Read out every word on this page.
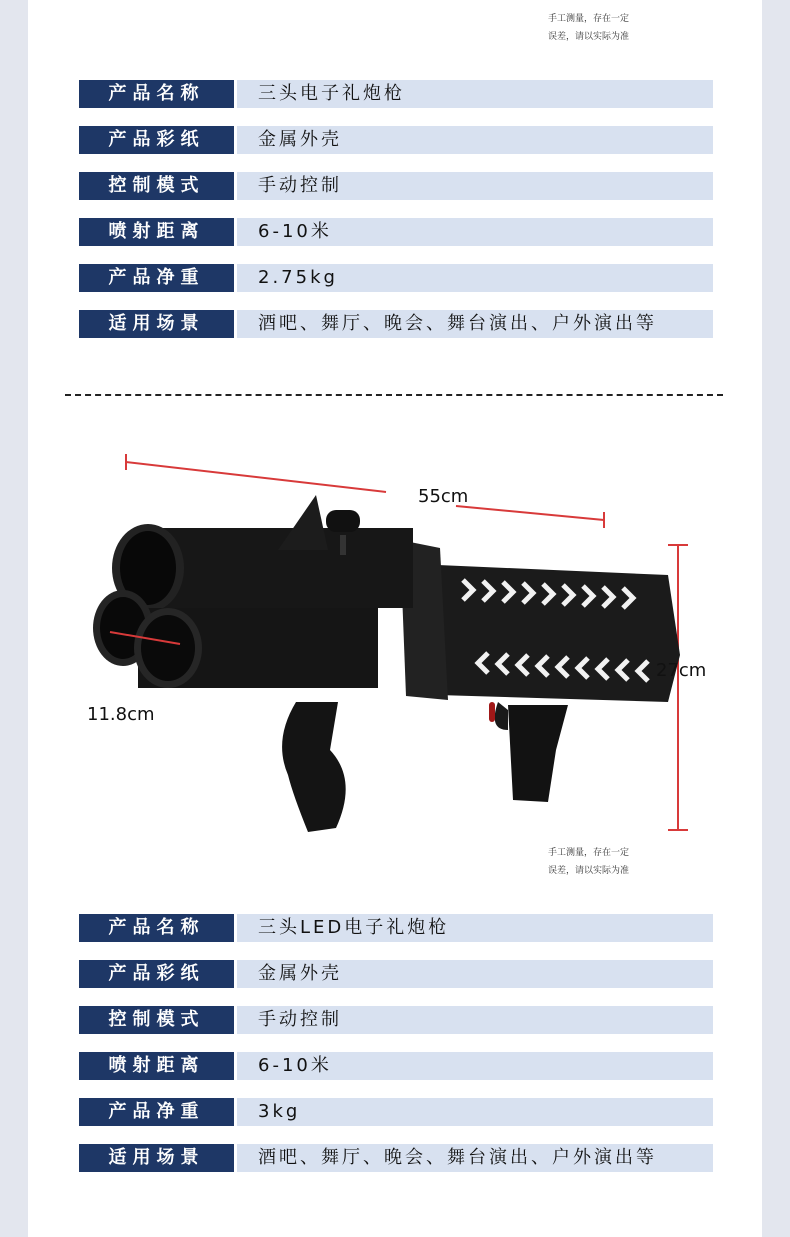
手工测量，存在一定
误差，请以实际为准
产品名称	三头电子礼炮枪
产品彩纸	金属外壳
控制模式	手动控制
喷射距离	6-10米
产品净重	2.75kg
适用场景	酒吧、舞厅、晚会、舞台演出、户外演出等
55cm
27cm
11.8cm
手工测量，存在一定
误差，请以实际为准
产品名称	三头LED电子礼炮枪
产品彩纸	金属外壳
控制模式	手动控制
喷射距离	6-10米
产品净重	3kg
适用场景	酒吧、舞厅、晚会、舞台演出、户外演出等
